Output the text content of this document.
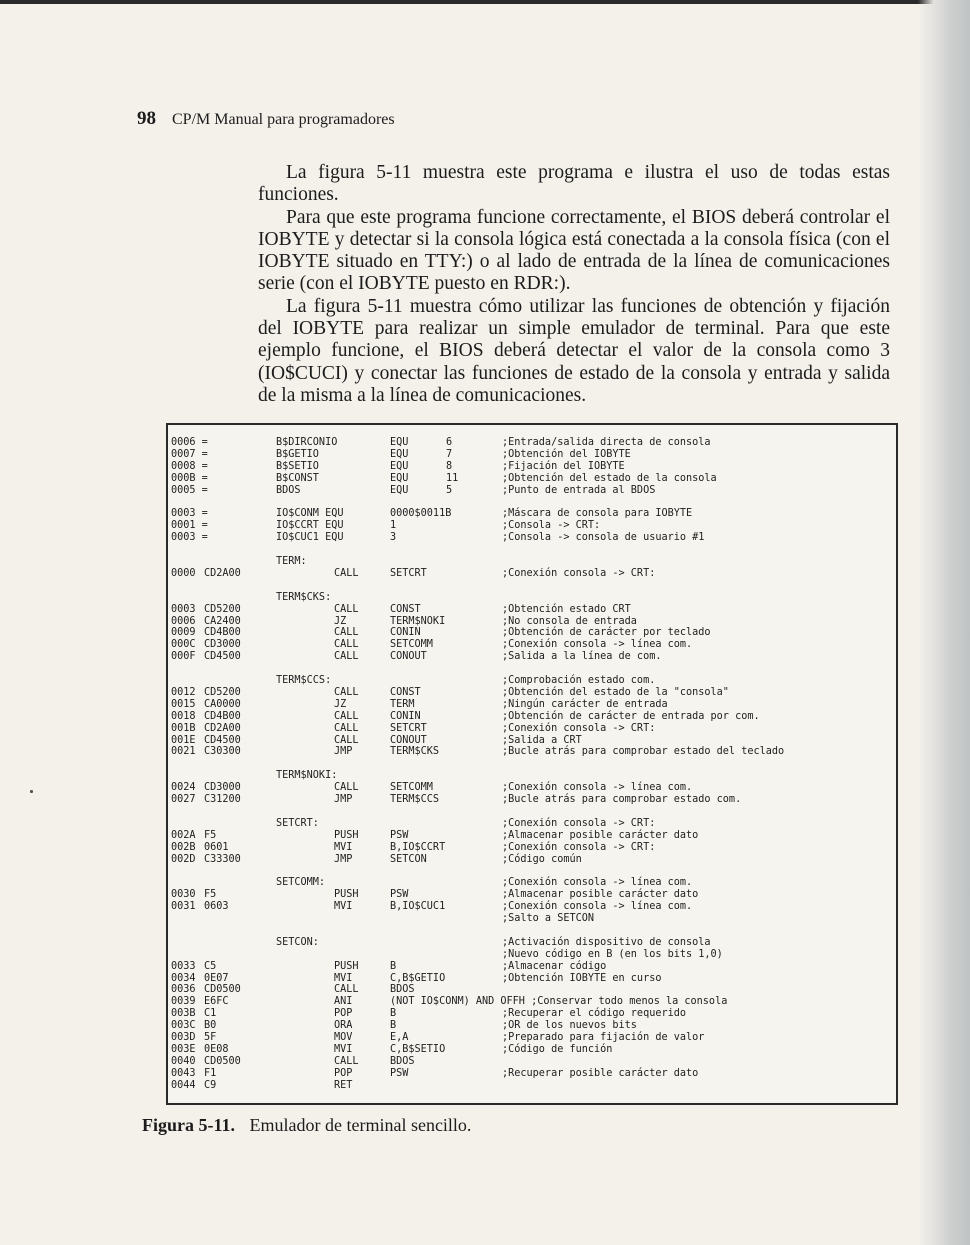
98 CP/M Manual para programadores

La figura 5-11 muestra este programa e ilustra el uso de todas estas funciones.

Para que este programa funcione correctamente, el BIOS deberá controlar el IOBYTE y detectar si la consola lógica está conectada a la consola física (con el IOBYTE situado en TTY:) o al lado de entrada de la línea de comunicaciones serie (con el IOBYTE puesto en RDR:).

La figura 5-11 muestra cómo utilizar las funciones de obtención y fijación del IOBYTE para realizar un simple emulador de terminal. Para que este ejemplo funcione, el BIOS deberá detectar el valor de la consola como 3 (IO$CUCI) y conectar las funciones de estado de la consola y entrada y salida de la misma a la línea de comunicaciones.

0006 =	B$DIRCONIO	EQU	6	;Entrada/salida directa de consola
0007 =	B$GETIO	EQU	7	;Obtención del IOBYTE
0008 =	B$SETIO	EQU	8	;Fijación del IOBYTE
000B =	B$CONST	EQU	11	;Obtención del estado de la consola
0005 =	BDOS	EQU	5	;Punto de entrada al BDOS
0003 =	IO$CONM EQU	0000$0011B	;Máscara de consola para IOBYTE
0001 =	IO$CCRT EQU	1	;Consola -> CRT:
0003 =	IO$CUC1 EQU	3	;Consola -> consola de usuario #1
TERM:
0000 CD2A00	CALL	SETCRT	;Conexión consola -> CRT:
TERM$CKS:
0003 CD5200	CALL	CONST	;Obtención estado CRT
0006 CA2400	JZ	TERM$NOKI	;No consola de entrada
0009 CD4B00	CALL	CONIN	;Obtención de carácter por teclado
000C CD3000	CALL	SETCOMM	;Conexión consola -> línea com.
000F CD4500	CALL	CONOUT	;Salida a la línea de com.
TERM$CCS:	;Comprobación estado com.
0012 CD5200	CALL	CONST	;Obtención del estado de la "consola"
0015 CA0000	JZ	TERM	;Ningún carácter de entrada
0018 CD4B00	CALL	CONIN	;Obtención de carácter de entrada por com.
001B CD2A00	CALL	SETCRT	;Conexión consola -> CRT:
001E CD4500	CALL	CONOUT	;Salida a CRT
0021 C30300	JMP	TERM$CKS	;Bucle atrás para comprobar estado del teclado
TERM$NOKI:
0024 CD3000	CALL	SETCOMM	;Conexión consola -> línea com.
0027 C31200	JMP	TERM$CCS	;Bucle atrás para comprobar estado com.
SETCRT:	;Conexión consola -> CRT:
002A F5	PUSH	PSW	;Almacenar posible carácter dato
002B 0601	MVI	B,IO$CCRT	;Conexión consola -> CRT:
002D C33300	JMP	SETCON	;Código común
SETCOMM:	;Conexión consola -> línea com.
0030 F5	PUSH	PSW	;Almacenar posible carácter dato
0031 0603	MVI	B,IO$CUC1	;Conexión consola -> línea com.
;Salto a SETCON
SETCON:	;Activación dispositivo de consola
;Nuevo código en B (en los bits 1,0)
0033 C5	PUSH	B	;Almacenar código
0034 0E07	MVI	C,B$GETIO	;Obtención IOBYTE en curso
0036 CD0500	CALL	BDOS
0039 E6FC	ANI	(NOT IO$CONM) AND OFFH ;Conservar todo menos la consola
003B C1	POP	B	;Recuperar el código requerido
003C B0	ORA	B	;OR de los nuevos bits
003D 5F	MOV	E,A	;Preparado para fijación de valor
003E 0E08	MVI	C,B$SETIO	;Código de función
0040 CD0500	CALL	BDOS
0043 F1	POP	PSW	;Recuperar posible carácter dato
0044 C9	RET
Figura 5-11. Emulador de terminal sencillo.
